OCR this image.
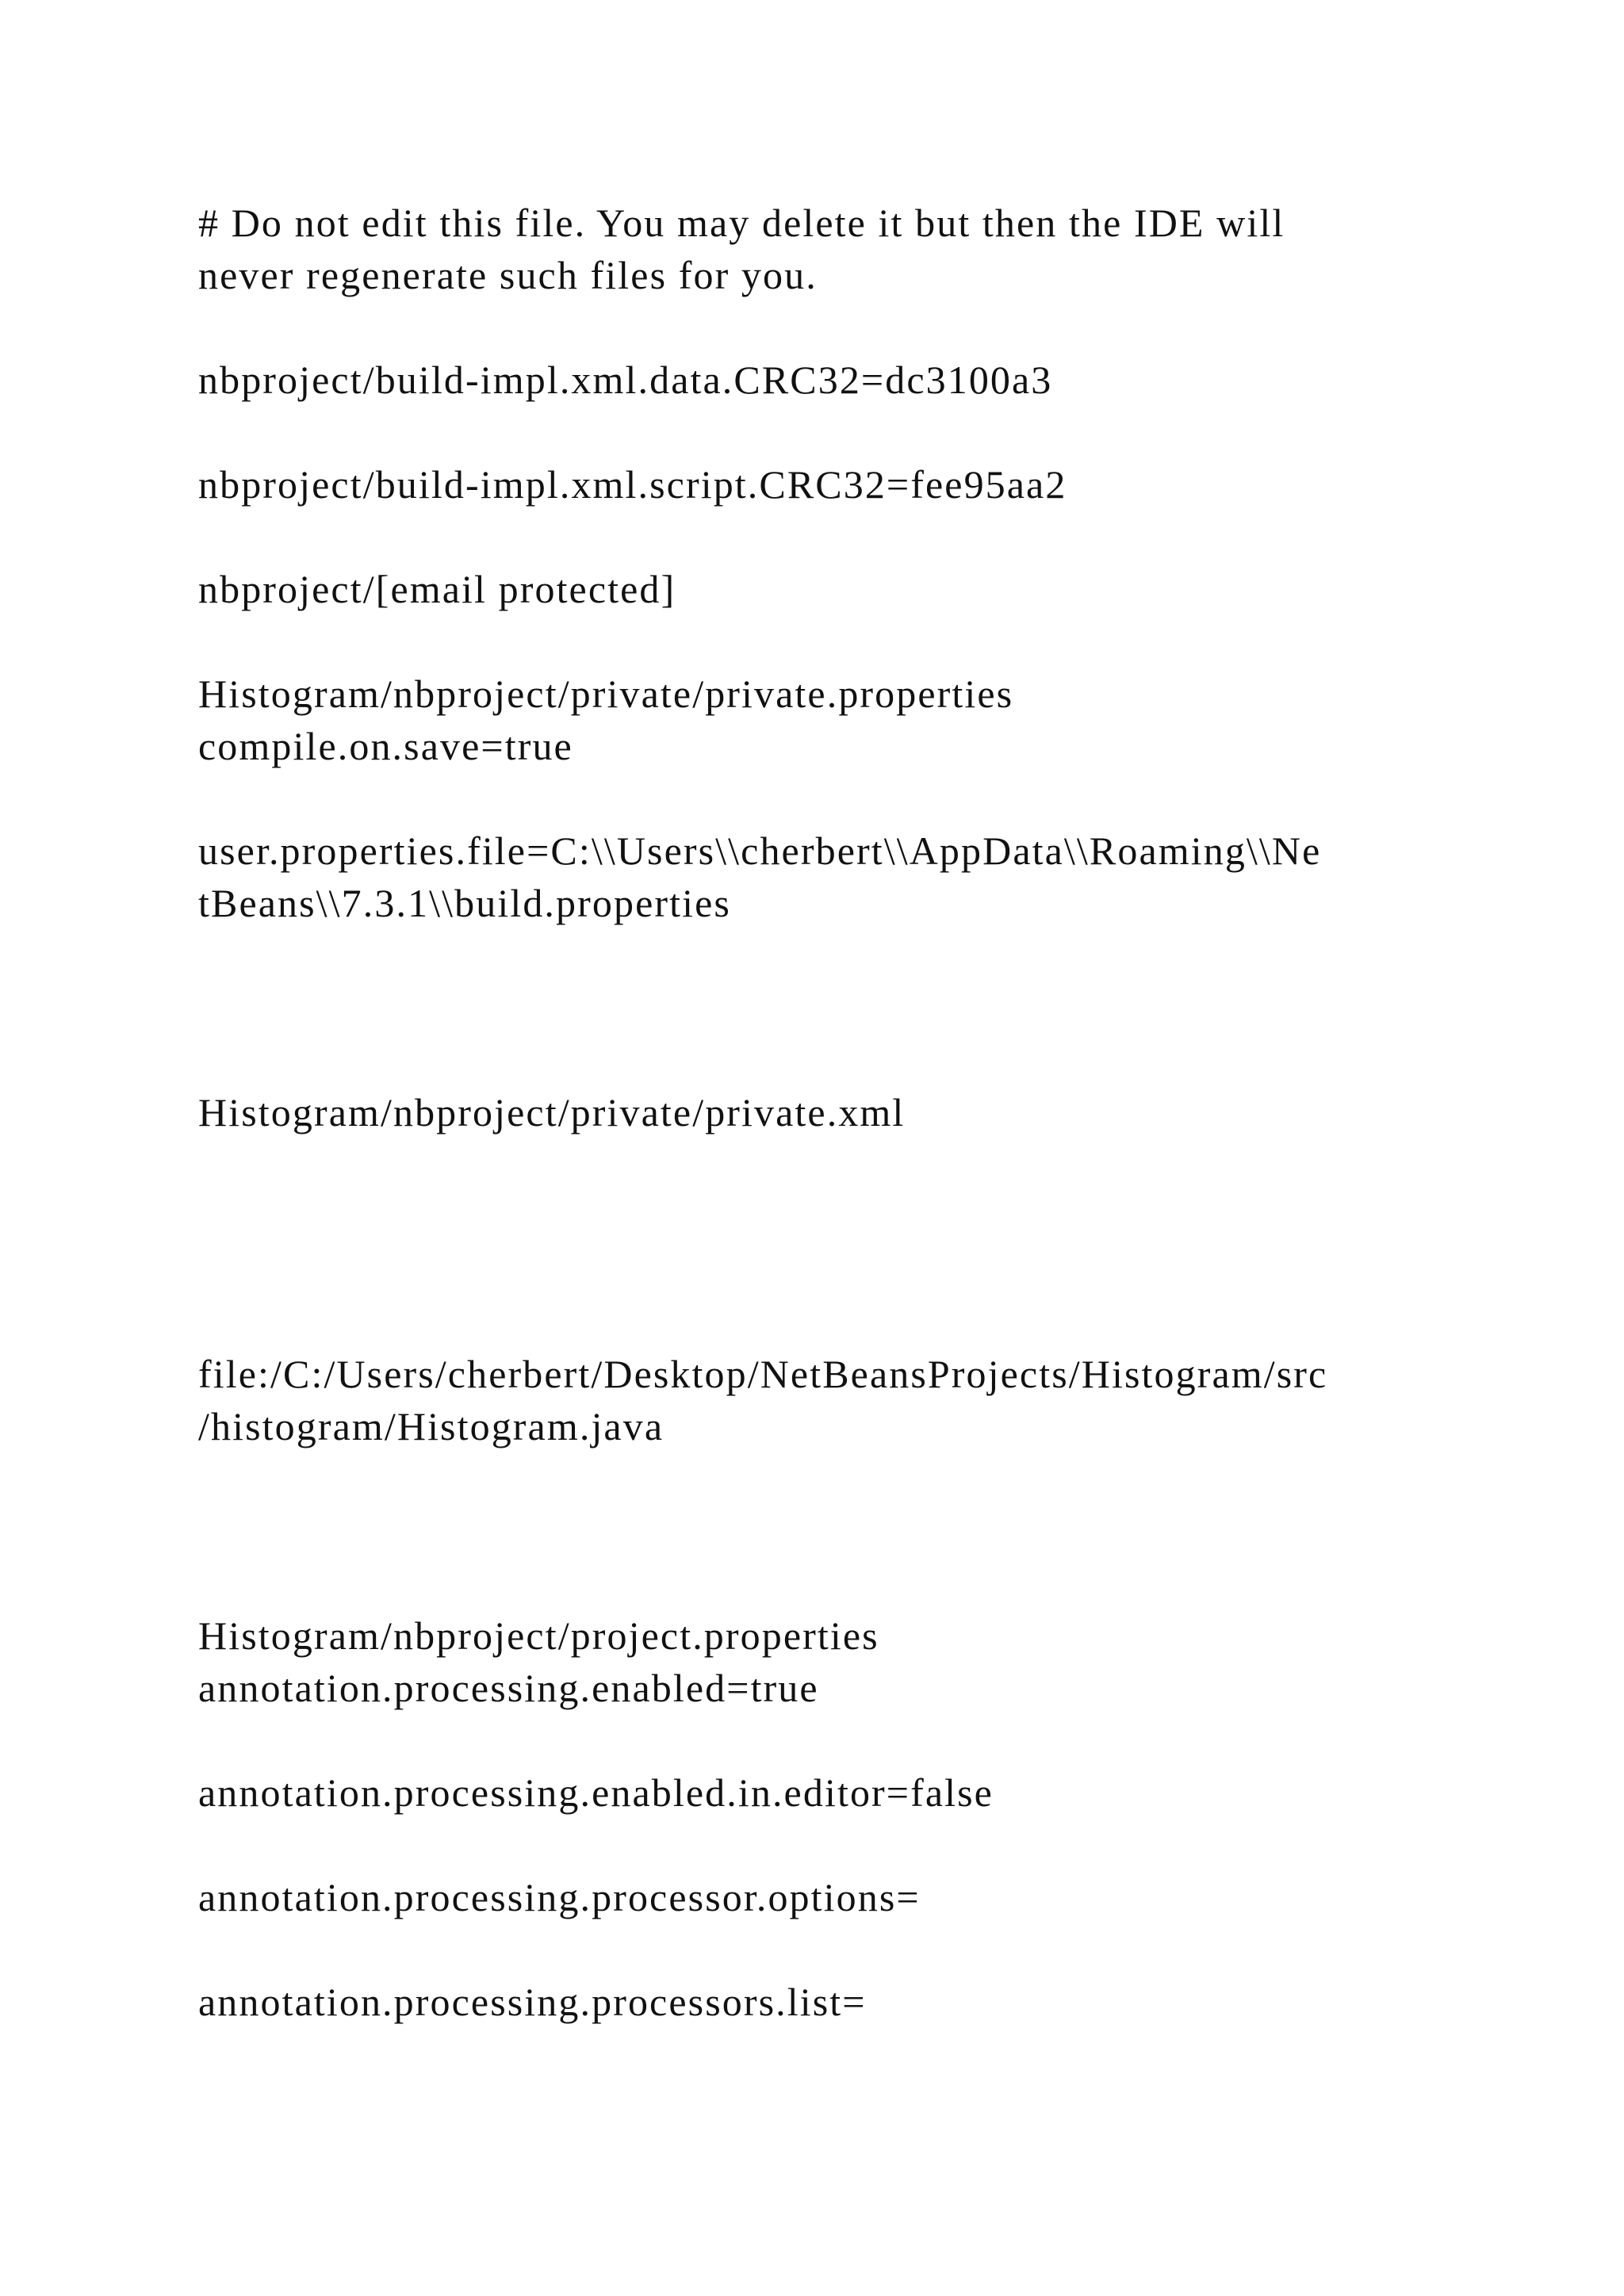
# Do not edit this file. You may delete it but then the IDE will

never regenerate such files for you.

nbproject/build-impl.xml.data.CRC32=dc3100a3

nbproject/build-impl.xml.script.CRC32=fee95aa2

nbproject/[email protected]

Histogram/nbproject/private/private.properties

compile.on.save=true

user.properties.file=C:\\Users\\cherbert\\AppData\\Roaming\\Ne

tBeans\\7.3.1\\build.properties

Histogram/nbproject/private/private.xml

file:/C:/Users/cherbert/Desktop/NetBeansProjects/Histogram/src

/histogram/Histogram.java

Histogram/nbproject/project.properties

annotation.processing.enabled=true

annotation.processing.enabled.in.editor=false

annotation.processing.processor.options=

annotation.processing.processors.list=
